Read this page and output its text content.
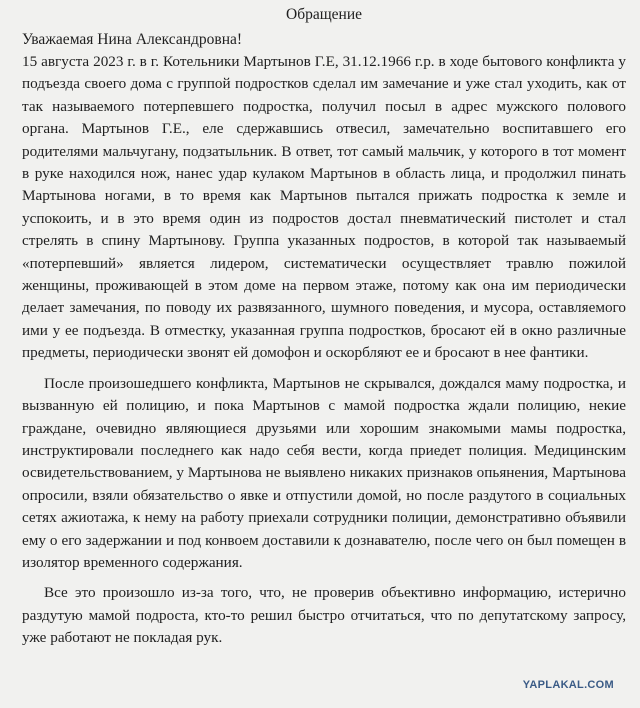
Обращение
Уважаемая Нина Александровна!

15 августа 2023 г. в г. Котельники Мартынов Г.Е, 31.12.1966 г.р. в ходе бытового конфликта у подъезда своего дома с группой подростков сделал им замечание и уже стал уходить, как от так называемого потерпевшего подростка, получил посыл в адрес мужского полового органа. Мартынов Г.Е., еле сдержавшись отвесил, замечательно воспитавшего его родителями мальчугану, подзатыльник. В ответ, тот самый мальчик, у которого в тот момент в руке находился нож, нанес удар кулаком Мартынов в область лица, и продолжил пинать Мартынова ногами, в то время как Мартынов пытался прижать подростка к земле и успокоить, и в это время один из подростов достал пневматический пистолет и стал стрелять в спину Мартынову. Группа указанных подростов, в которой так называемый «потерпевший» является лидером, систематически осуществляет травлю пожилой женщины, проживающей в этом доме на первом этаже, потому как она им периодически делает замечания, по поводу их развязанного, шумного поведения, и мусора, оставляемого ими у ее подъезда. В отместку, указанная группа подростков, бросают ей в окно различные предметы, периодически звонят ей домофон и оскорбляют ее и бросают в нее фантики.

После произошедшего конфликта, Мартынов не скрывался, дождался маму подростка, и вызванную ей полицию, и пока Мартынов с мамой подростка ждали полицию, некие граждане, очевидно являющиеся друзьями или хорошим знакомыми мамы подростка, инструктировали последнего как надо себя вести, когда приедет полиция. Медицинским освидетельствованием, у Мартынова не выявлено никаких признаков опьянения, Мартынова опросили, взяли обязательство о явке и отпустили домой, но после раздутого в социальных сетях ажиотажа, к нему на работу приехали сотрудники полиции, демонстративно объявили ему о его задержании и под конвоем доставили к дознавателю, после чего он был помещен в изолятор временного содержания.

Все это произошло из-за того, что, не проверив объективно информацию, истерично раздутую мамой подроста, кто-то решил быстро отчитаться, что по депутатскому запросу, уже работают не покладая рук.

YAPLAKAL.COM
